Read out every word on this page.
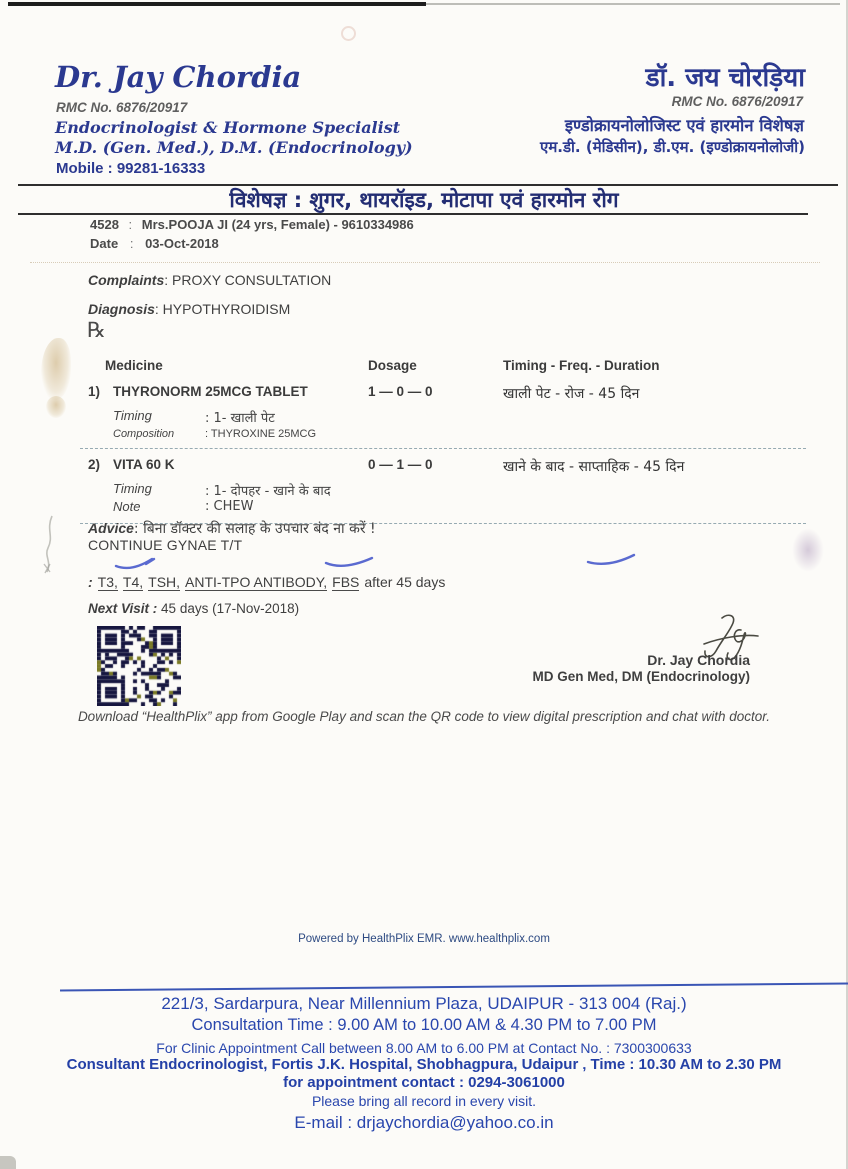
Dr. Jay Chordia
RMC No. 6876/20917
Endocrinologist & Hormone Specialist
M.D. (Gen. Med.), D.M. (Endocrinology)
Mobile : 99281-16333
डॉ. जय चोरड़िया
RMC No. 6876/20917
इण्डोक्रायनोलोजिस्ट एवं हारमोन विशेषज्ञ
एम.डी. (मेडिसीन), डी.एम. (इण्डोक्रायनोलोजी)
विशेषज्ञ : शुगर, थायरॉइड, मोटापा एवं हारमोन रोग
4528 : Mrs.POOJA JI (24 yrs, Female) - 9610334986
Date : 03-Oct-2018
Complaints: PROXY CONSULTATION
Diagnosis: HYPOTHYROIDISM
℞
Medicine	Dosage	Timing - Freq. - Duration
1) THYRONORM 25MCG TABLET	1 — 0 — 0	खाली पेट - रोज - 45 दिन
Timing	: 1- खाली पेट
Composition	: THYROXINE 25MCG
2) VITA 60 K	0 — 1 — 0	खाने के बाद - साप्ताहिक - 45 दिन
Timing	: 1- दोपहर - खाने के बाद
Note	: CHEW
Advice: बिना डॉक्टर की सलाह के उपचार बंद ना करें !
CONTINUE GYNAE T/T
: T3, T4, TSH, ANTI-TPO ANTIBODY, FBS after 45 days
Next Visit : 45 days (17-Nov-2018)
Dr. Jay Chordia
MD Gen Med, DM (Endocrinology)
Download “HealthPlix” app from Google Play and scan the QR code to view digital prescription and chat with doctor.
Powered by HealthPlix EMR. www.healthplix.com
221/3, Sardarpura, Near Millennium Plaza, UDAIPUR - 313 004 (Raj.)
Consultation Time : 9.00 AM to 10.00 AM & 4.30 PM to 7.00 PM
For Clinic Appointment Call between 8.00 AM to 6.00 PM at Contact No. : 7300300633
Consultant Endocrinologist, Fortis J.K. Hospital, Shobhagpura, Udaipur ‚ Time : 10.30 AM to 2.30 PM
for appointment contact : 0294-3061000
Please bring all record in every visit.
E-mail : drjaychordia@yahoo.co.in
